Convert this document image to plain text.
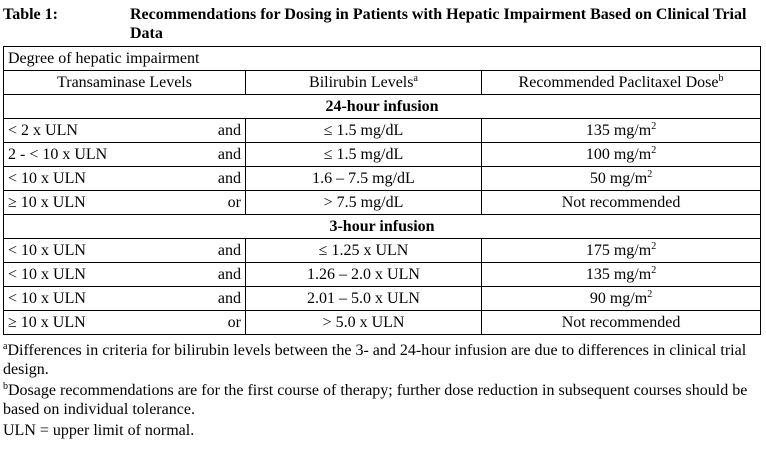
Table 1:	Recommendations for Dosing in Patients with Hepatic Impairment Based on Clinical Trial Data
Degree of hepatic impairment			
Transaminase Levels		Bilirubin Levels$^a$	Recommended Paclitaxel Dose$^b$
24-hour infusion			
< 2 x ULN	and	≤ 1.5 mg/dL	135 $mg/m^2$
2 - < 10 x ULN	and	≤ 1.5 mg/dL	100 $mg/m^2$
< 10 x ULN	and	1.6 – 7.5 mg/dL	50 $mg/m^2$
≥ 10 x ULN	or	> 7.5 mg/dL	Not recommended
3-hour infusion			
< 10 x ULN	and	≤ 1.25 x ULN	175 $mg/m^2$
< 10 x ULN	and	1.26 – 2.0 x ULN	135 $mg/m^2$
< 10 x ULN	and	2.01 – 5.0 x ULN	90 $mg/m^2$
≥ 10 x ULN	or	> 5.0 x ULN	Not recommended
$^a$Differences in criteria for bilirubin levels between the 3- and 24-hour infusion are due to differences in clinical trial design.
$^b$Dosage recommendations are for the first course of therapy; further dose reduction in subsequent courses should be based on individual tolerance.
ULN = upper limit of normal.
